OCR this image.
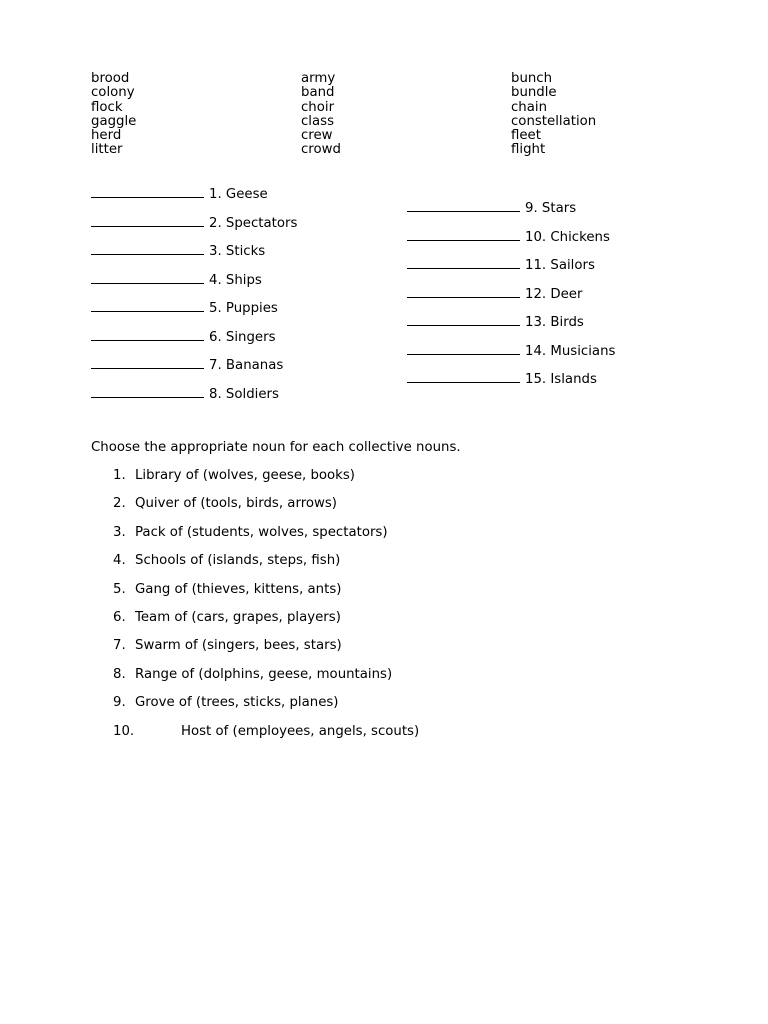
brood
colony
flock
gaggle
herd
litter
army
band
choir
class
crew
crowd
bunch
bundle
chain
constellation
fleet
flight
1. Geese
2. Spectators
3. Sticks
4. Ships
5. Puppies
6. Singers
7. Bananas
8. Soldiers
9. Stars
10. Chickens
11. Sailors
12. Deer
13. Birds
14. Musicians
15. Islands
Choose the appropriate noun for each collective nouns.
1. Library of (wolves, geese, books)
2. Quiver of (tools, birds, arrows)
3. Pack of (students, wolves, spectators)
4. Schools of (islands, steps, fish)
5. Gang of (thieves, kittens, ants)
6. Team of (cars, grapes, players)
7. Swarm of (singers, bees, stars)
8. Range of (dolphins, geese, mountains)
9. Grove of (trees, sticks, planes)
10.	Host of (employees, angels, scouts)
